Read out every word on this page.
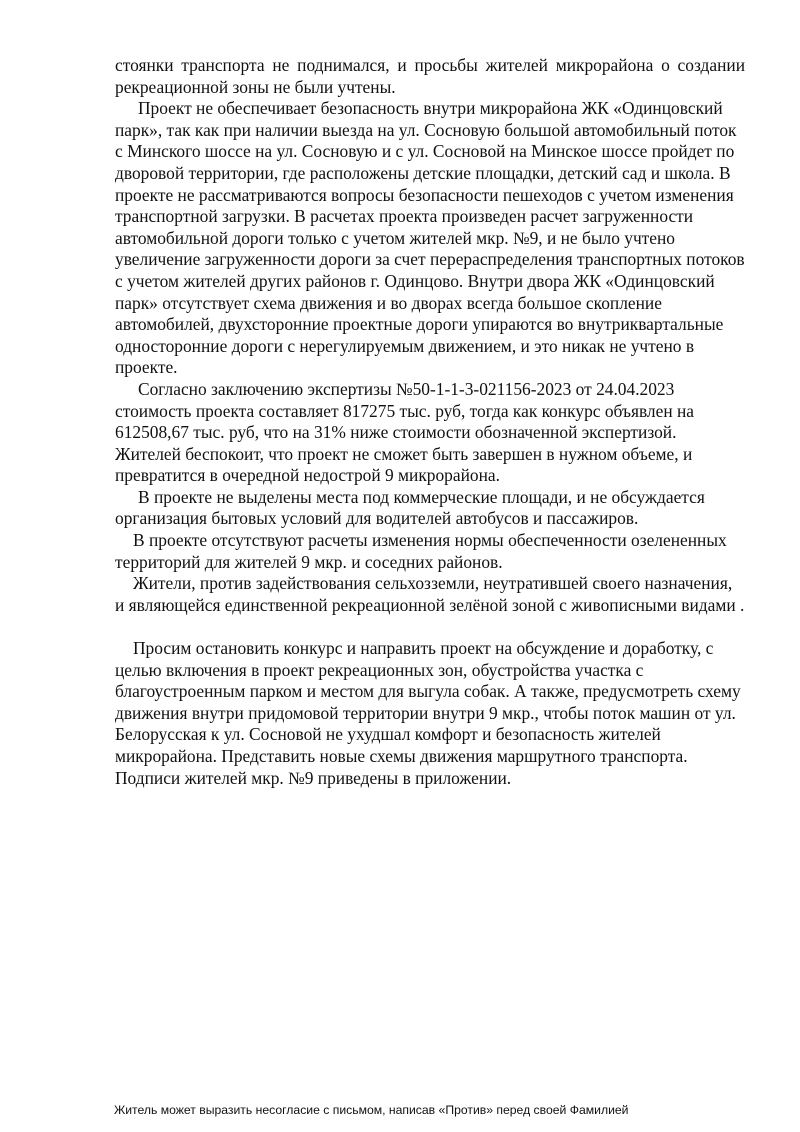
стоянки транспорта не поднимался, и просьбы жителей микрорайона о создании рекреационной зоны не были учтены.

Проект не обеспечивает безопасность внутри микрорайона ЖК «Одинцовский парк», так как при наличии выезда на ул. Сосновую большой автомобильный поток с Минского шоссе на ул. Сосновую и с ул. Сосновой на Минское шоссе пройдет по дворовой территории, где расположены детские площадки, детский сад и школа. В проекте не рассматриваются вопросы безопасности пешеходов с учетом изменения транспортной загрузки. В расчетах проекта произведен расчет загруженности автомобильной дороги только с учетом жителей мкр. №9, и не было учтено увеличение загруженности дороги за счет перераспределения транспортных потоков с учетом жителей других районов г. Одинцово. Внутри двора ЖК «Одинцовский парк» отсутствует схема движения и во дворах всегда большое скопление автомобилей, двухсторонние проектные дороги упираются во внутриквартальные односторонние дороги с нерегулируемым движением, и это никак не учтено в проекте.

Согласно заключению экспертизы №50-1-1-3-021156-2023 от 24.04.2023 стоимость проекта составляет 817275 тыс. руб, тогда как конкурс объявлен на 612508,67 тыс. руб, что на 31% ниже стоимости обозначенной экспертизой. Жителей беспокоит, что проект не сможет быть завершен в нужном объеме, и превратится в очередной недострой 9 микрорайона.

В проекте не выделены места под коммерческие площади, и не обсуждается организация бытовых условий для водителей автобусов и пассажиров.

В проекте отсутствуют расчеты изменения нормы обеспеченности озелененных территорий для жителей 9 мкр. и соседних районов.

Жители, против задействования сельхозземли, неутратившей своего назначения, и являющейся единственной рекреационной зелёной зоной с живописными видами .

Просим остановить конкурс и направить проект на обсуждение и доработку, с целью включения в проект рекреационных зон, обустройства участка с благоустроенным парком и местом для выгула собак. А также, предусмотреть схему движения внутри придомовой территории внутри 9 мкр., чтобы поток машин от ул. Белорусская к ул. Сосновой не ухудшал комфорт и безопасность жителей микрорайона. Представить новые схемы движения маршрутного транспорта.

Подписи жителей мкр. №9 приведены в приложении.

Житель может выразить несогласие с письмом, написав «Против» перед своей Фамилией
